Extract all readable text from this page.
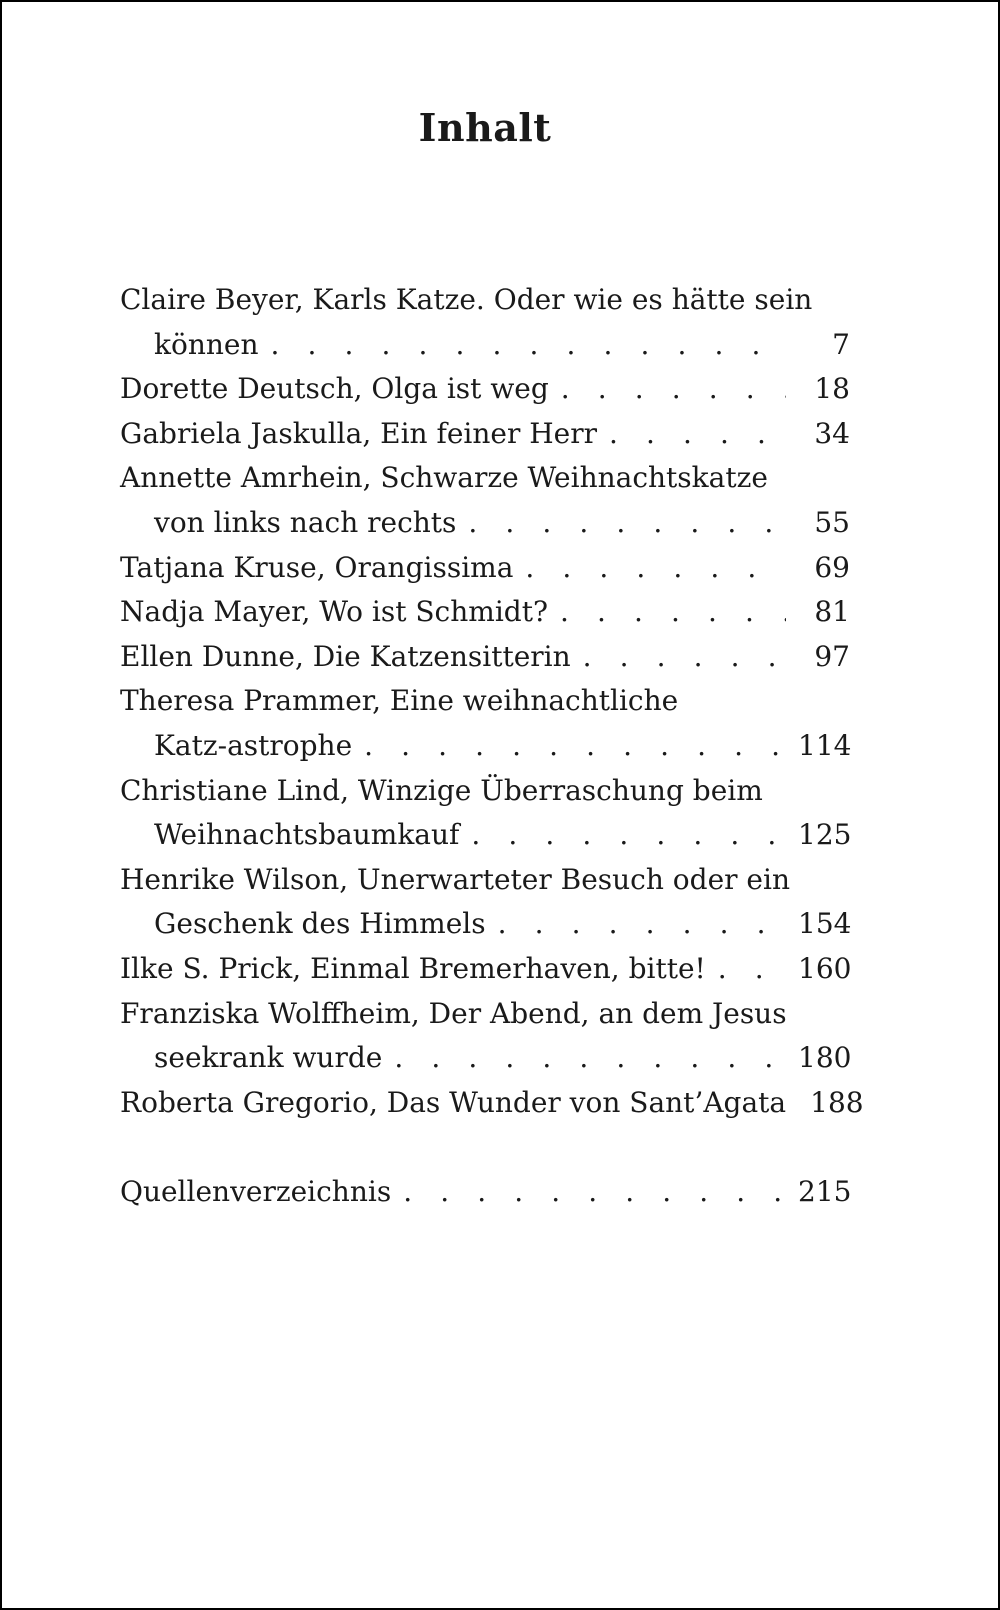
Inhalt
Claire Beyer, Karls Katze. Oder wie es hätte sein
können . . .	7
Dorette Deutsch, Olga ist weg . . .	18
Gabriela Jaskulla, Ein feiner Herr . . .	34
Annette Amrhein, Schwarze Weihnachtskatze
von links nach rechts . . .	55
Tatjana Kruse, Orangissima . . .	69
Nadja Mayer, Wo ist Schmidt? . . .	81
Ellen Dunne, Die Katzensitterin . . .	97
Theresa Prammer, Eine weihnachtliche
Katz-astrophe . . .	114
Christiane Lind, Winzige Überraschung beim
Weihnachtsbaumkauf . . .	125
Henrike Wilson, Unerwarteter Besuch oder ein
Geschenk des Himmels . . .	154
Ilke S. Prick, Einmal Bremerhaven, bitte! . . .	160
Franziska Wolffheim, Der Abend, an dem Jesus
seekrank wurde . . .	180
Roberta Gregorio, Das Wunder von Sant’Agata 188
Quellenverzeichnis . . .	215
